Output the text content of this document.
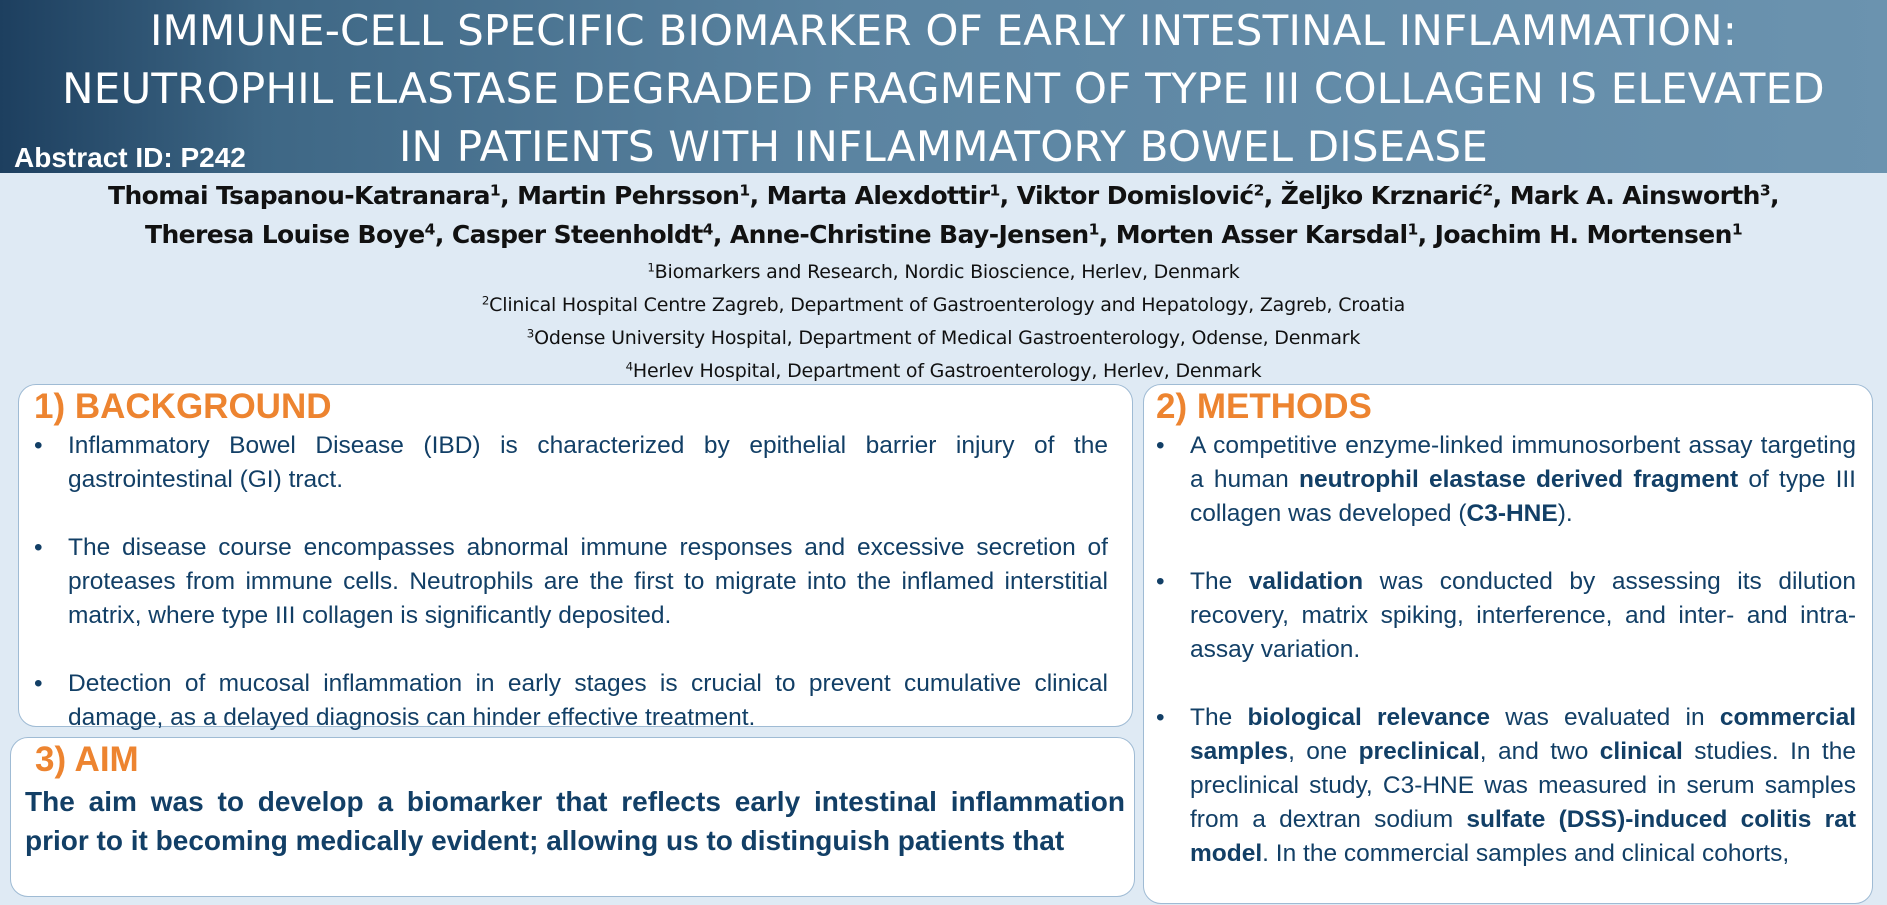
IMMUNE-CELL SPECIFIC BIOMARKER OF EARLY INTESTINAL INFLAMMATION:
NEUTROPHIL ELASTASE DEGRADED FRAGMENT OF TYPE III COLLAGEN IS ELEVATED
IN PATIENTS WITH INFLAMMATORY BOWEL DISEASE
Abstract ID: P242
Thomai Tsapanou-Katranara$^1$, Martin Pehrsson$^1$, Marta Alexdottir$^1$, Viktor Domislović$^2$, Željko Krznarić$^2$, Mark A. Ainsworth$^3$,
Theresa Louise Boye$^4$, Casper Steenholdt$^4$, Anne-Christine Bay-Jensen$^1$, Morten Asser Karsdal$^1$, Joachim H. Mortensen$^1$
$^1$Biomarkers and Research, Nordic Bioscience, Herlev, Denmark
$^2$Clinical Hospital Centre Zagreb, Department of Gastroenterology and Hepatology, Zagreb, Croatia
$^3$Odense University Hospital, Department of Medical Gastroenterology, Odense, Denmark
$^4$Herlev Hospital, Department of Gastroenterology, Herlev, Denmark
1) BACKGROUND
• Inflammatory Bowel Disease (IBD) is characterized by epithelial barrier injury of the gastrointestinal (GI) tract.
• The disease course encompasses abnormal immune responses and excessive secretion of proteases from immune cells. Neutrophils are the first to migrate into the inflamed interstitial matrix, where type III collagen is significantly deposited.
• Detection of mucosal inflammation in early stages is crucial to prevent cumulative clinical damage, as a delayed diagnosis can hinder effective treatment.
3) AIM

The aim was to develop a biomarker that reflects early intestinal inflammation prior to it becoming medically evident; allowing us to distinguish patients that

2) METHODS
• A competitive enzyme-linked immunosorbent assay targeting a human neutrophil elastase derived fragment of type III collagen was developed (C3-HNE).
• The validation was conducted by assessing its dilution recovery, matrix spiking, interference, and inter- and intra-assay variation.
• The biological relevance was evaluated in commercial samples, one preclinical, and two clinical studies. In the preclinical study, C3-HNE was measured in serum samples from a dextran sodium sulfate (DSS)-induced colitis rat model. In the commercial samples and clinical cohorts,
